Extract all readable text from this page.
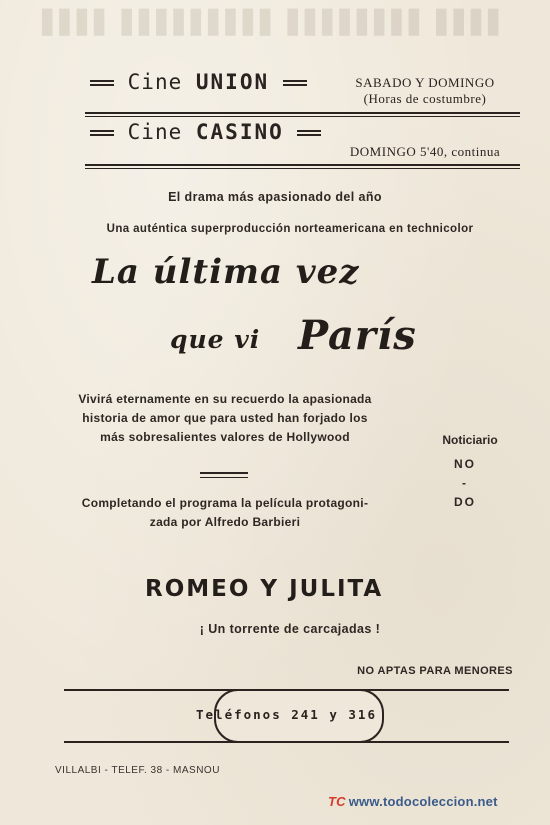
▮▮▮▮ ▮▮▮▮▮▮▮▮▮ ▮▮▮▮▮▮▮▮ ▮▮▮▮
Cine UNION	SABADO Y DOMINGO
(Horas de costumbre)
Cine CASINO
DOMINGO 5'40, continua
El drama más apasionado del año
Una auténtica superproducción norteamericana en technicolor
La última vez
que vi París
Vivirá eternamente en su recuerdo la apasionada
historia de amor que para usted han forjado los
más sobresalientes valores de Hollywood	Noticiario
NO
-
DO
Completando el programa la película protagoni-
zada por Alfredo Barbieri
ROMEO Y JULITA
¡ Un torrente de carcajadas !
NO APTAS PARA MENORES
Teléfonos 241 y 316
VILLALBI - TELEF. 38 - MASNOU
TC www.todocoleccion.net
